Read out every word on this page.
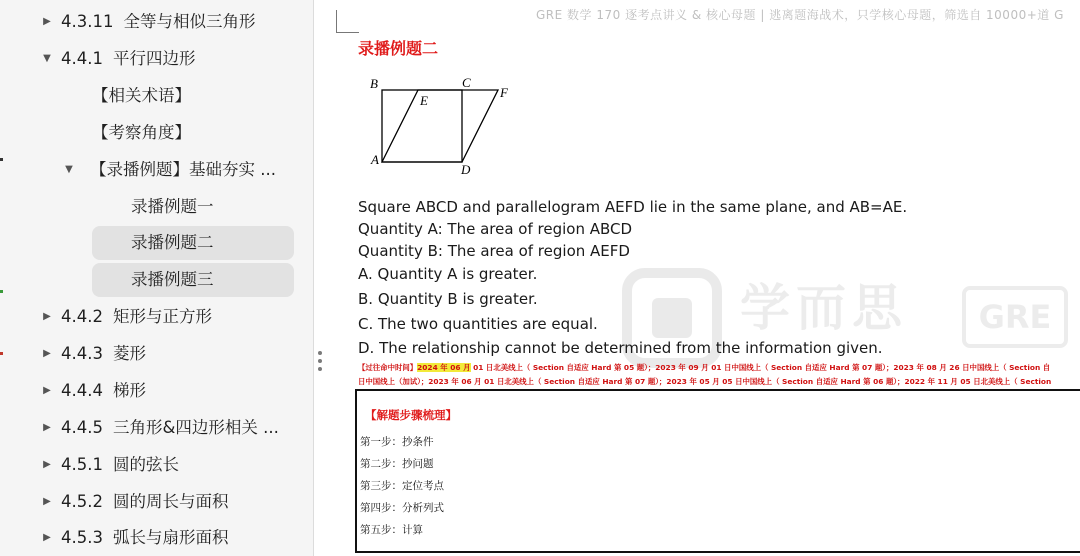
▶ 4.3.11 全等与相似三角形
▼ 4.4.1 平行四边形
【相关术语】
【考察角度】
▼ 【录播例题】基础夯实 ...
录播例题一
录播例题二
录播例题三
▶ 4.4.2 矩形与正方形
▶ 4.4.3 菱形
▶ 4.4.4 梯形
▶ 4.4.5 三角形&四边形相关 ...
▶ 4.5.1 圆的弦长
▶ 4.5.2 圆的周长与面积
▶ 4.5.3 弧长与扇形面积
GRE 数学 170 逐考点讲义 & 核心母题 | 逃离题海战术，只学核心母题，筛选自 10000+道 G
学而思	GRE
录播例题二
B	C
E
F
A
D
Square ABCD and parallelogram AEFD lie in the same plane, and AB=AE.
Quantity A: The area of region ABCD
Quantity B: The area of region AEFD
A. Quantity A is greater.
B. Quantity B is greater.
C. The two quantities are equal.
D. The relationship cannot be determined from the information given.
【过往命中时间】2024 年 06 月 01 日北美线上（ Section 自适应 Hard 第 05 题）；2023 年 09 月 01 日中国线上（ Section 自适应 Hard 第 07 题）；2023 年 08 月 26 日中国线上（ Section 自
日中国线上（加试）；2023 年 06 月 01 日北美线上（ Section 自适应 Hard 第 07 题）；2023 年 05 月 05 日中国线上（ Section 自适应 Hard 第 06 题）；2022 年 11 月 05 日北美线上（ Section
【解题步骤梳理】
第一步：抄条件
第二步：抄问题
第三步：定位考点
第四步：分析列式
第五步：计算
